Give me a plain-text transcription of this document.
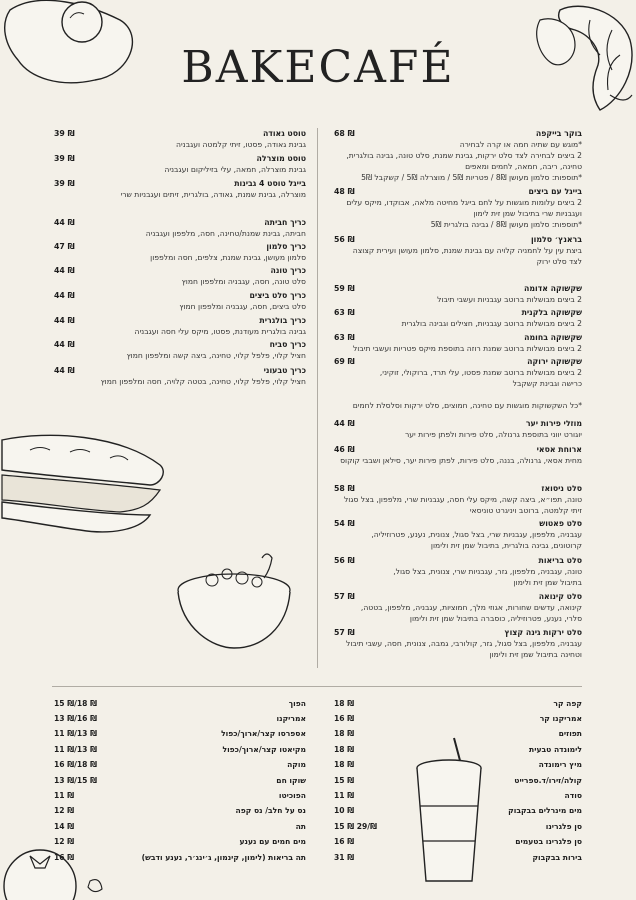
BAKECAFÉ
בוקר בייקפה
68 ₪
*מוגש עם שתיה חמה או קרה לבחירה
2 ביצים לבחירה לצד סלט ירקות, גבינת שמנת, סלט טונה, גבינה בולגרית,
טחינה, ריבה, חמאה, לחמים ומאפים
*תוספות: סלמון מעושן 8₪ / פטריות 5₪ / מוצרלה 5₪ / קשקבל 5₪
בייגל עם ביצים
48 ₪
2 ביצים עלומות מוגשות על לחם בייגל מחיטה מלאה, אבוקדו, מיקס עלים
ועגבניות שרי בתיבול שמן זית לימון
*תוספות: סלמון מעושן 8₪ / גבינה בולגרית 5₪
בראנץ׳ סלמון
56 ₪
ביצת עין על לחמניה קלויה עם גבינת שמנת, סלמון מעושן ועירית קצוצה
לצד סלט ירוק
שקשוקה אדומה
59 ₪
2 ביצים מבושלות ברוטב עגבניות ועשבי תיבול
שקשוקה בלקנית
63 ₪
2 ביצים מבושלות ברוטב עגבניות, חצילים וגבינה בולגרית
שקשוקה בחומה
63 ₪
2 ביצים מבושלות ברוטב שמנת רוזה בתוספת מיקס פטריות ועשבי תיבול
שקשוקה ירוקה
69 ₪
2 ביצים מבושלות ברוטב שמנת פסטו, עלי תרד, ברוקולי, זוקיני,
כרישה וגבינת קשקבל

*כל השקשוקות מוגשות עם טחינה, חמוצים, סלט ירקות וסלסלת לחמים
מוזלי פירות יער
44 ₪
יוגורט יווני בתוספת גרנולה, סלט פירות ולפתן פירות יער
ארוחת אסאי
46 ₪
מחית אסאי, גרנולה, בננה, סלט פירות, לפתן פירות יער, סילאן ושבבי קוקוס
סלט ניסואז
58 ₪
טונה, תפו״א, ביצה קשה, מיקס עלי חסה, עגבניות שרי, מלפפון, בצל סגול
זיתי קלמטה, ברוטב ויניגרט טוניסאי
סלט פאטוש
54 ₪
עגבניה, מלפפון, עגבניות שרי, בצל סגול, צנונית, נענע, פטרוזיליה,
קרוטונים, גבינה בולגרית, בתיבול שמן זית ולימון
סלט בריאות
56 ₪
טונה, עגבניה, מלפפון, גזר, עגבניות שרי, צנונית, בצל סגול,
בתיבול שמן זית ולימון
סלט קינואה
57 ₪
קינואה, עדשים שחורות, אגוזי מלך, חמוציות, עגבניה, מלפפון, בטטה,
סלרי, נענע, פטרוזיליה, כוסברה בתיבול שמן זית ולימון
סלט ירקות גינה קצוץ
57 ₪
עגבניה, מלפפון, בצל סגול, גזר, קולורבי, גמבה, צנונית, חסה, עשבי תיבול
וטחינה בתיבול שמן זית ולימון
טוסט גאודה
39 ₪
גבינת גאודה, פסטו, זיתי קלמטה ועגבניה
טוסט מוצרלה
39 ₪
גבינת מוצרלה, חמאה, עלי בזיליקום ועגבניה
בייגל טוסט 4 גבינות
39 ₪
מוצרלה, גבינת שמנת, גאודה, בולגרית, זיתים ועגבניות שרי
כריך חביתה
44 ₪
חביתה, גבינת שמנת/טחינה, חסה, מלפפון ועגבניה
כריך סלמון
47 ₪
סלמון מעושן, גבינת שמנת, צלפים, חסה ומלפפון
כריך טונה
44 ₪
סלט טונה, חסה, עגבניה ומלפפון חמוץ
כריך סלט ביצים
44 ₪
סלט ביצים, חסה, עגבניה ומלפפון חמוץ
כריך בולגרית
44 ₪
גבינה בולגרית מעודנת, פסטו, מיקס עלי חסה ועגבניה
כריך סביח
44 ₪
חציל קלוי, פלפל קלוי, טחינה, ביצה קשה ומלפפון חמוץ
כריך טבעוני
44 ₪
חציל קלוי, פלפל קלוי, טחינה, בטטה קלויה, חסה ומלפפון חמוץ
קפה קר
18 ₪
אמריקנו קר
16 ₪
תפוזים
18 ₪
לימונדה טבעית
18 ₪
מיץ רימונדה
18 ₪
קולה/זירו/ד.ספרייט
15 ₪
סודה
11 ₪
מים מינרלים בבקבוק
10 ₪
סן פלגרינו
15 ₪ 29/₪
סן פלגרינו בטעמים
16 ₪
בירות בבקבוק
31 ₪
הפוך
15 ₪/18 ₪
אמריקנו
13 ₪/16 ₪
אספרסו קצר/ארוך/כפול
11 ₪/13 ₪
מקיאטו קצר/ארוך/כפול
11 ₪/13 ₪
מוקה
16 ₪/18 ₪
שוקו חם
13 ₪/15 ₪
הפוכיטו
11 ₪
נס על חלב/ נס קפה
12 ₪
תה
14 ₪
מים חמים עם נענע
12 ₪
תה בריאות (לימון, קינמון, ג׳ינג׳ר, נענע ודבש)
16 ₪
